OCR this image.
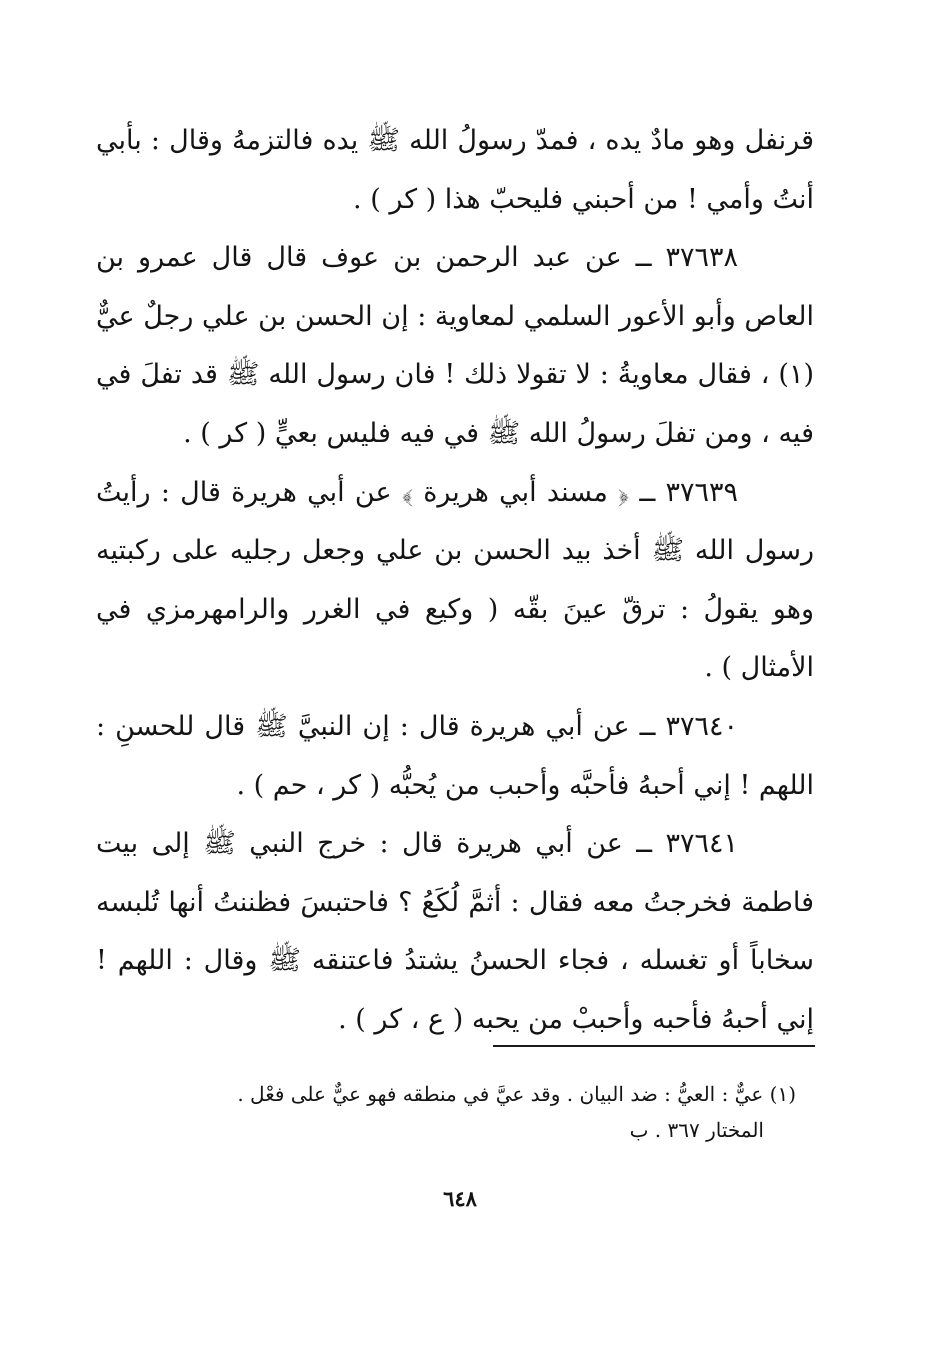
قرنفل وهو مادٌ يده ، فمدّ رسولُ الله ﷺ يده فالتزمهُ وقال : بأبي أنتُ وأمي ! من أحبني فليحبّ هذا ( كر ) .

٣٧٦٣٨ ــ عن عبد الرحمن بن عوف قال قال عمرو بن العاص وأبو الأعور السلمي لمعاوية : إن الحسن بن علي رجلٌ عيٌّ (١) ، فقال معاويةُ : لا تقولا ذلك ! فان رسول الله ﷺ قد تفلَ في فيه ، ومن تفلَ رسولُ الله ﷺ في فيه فليس بعيٍّ ( كر ) .

٣٧٦٣٩ ــ ﴿ مسند أبي هريرة ﴾ عن أبي هريرة قال : رأيتُ رسول الله ﷺ أخذ بيد الحسن بن علي وجعل رجليه على ركبتيه وهو يقولُ : ترقّ عينَ بقّه ( وكيع في الغرر والرامهرمزي في الأمثال ) .

٣٧٦٤٠ ــ عن أبي هريرة قال : إن النبيَّ ﷺ قال للحسنِ : اللهم ! إني أحبهُ فأحبَّه وأحبب من يُحبُّه ( كر ، حم ) .

٣٧٦٤١ ــ عن أبي هريرة قال : خرج النبي ﷺ إلى بيت فاطمة فخرجتُ معه فقال : أثمَّ لُكَعُ ؟ فاحتبسَ فظننتُ أنها تُلبسه سخاباً أو تغسله ، فجاء الحسنُ يشتدُ فاعتنقه ﷺ وقال : اللهم ! إني أحبهُ فأحبه وأحببْ من يحبه ( ع ، كر ) .

(١) عيٌّ : العيُّ : ضد البيان . وقد عيَّ في منطقه فهو عيٌّ على فعْل .

المختار ٣٦٧ . ب

٦٤٨
